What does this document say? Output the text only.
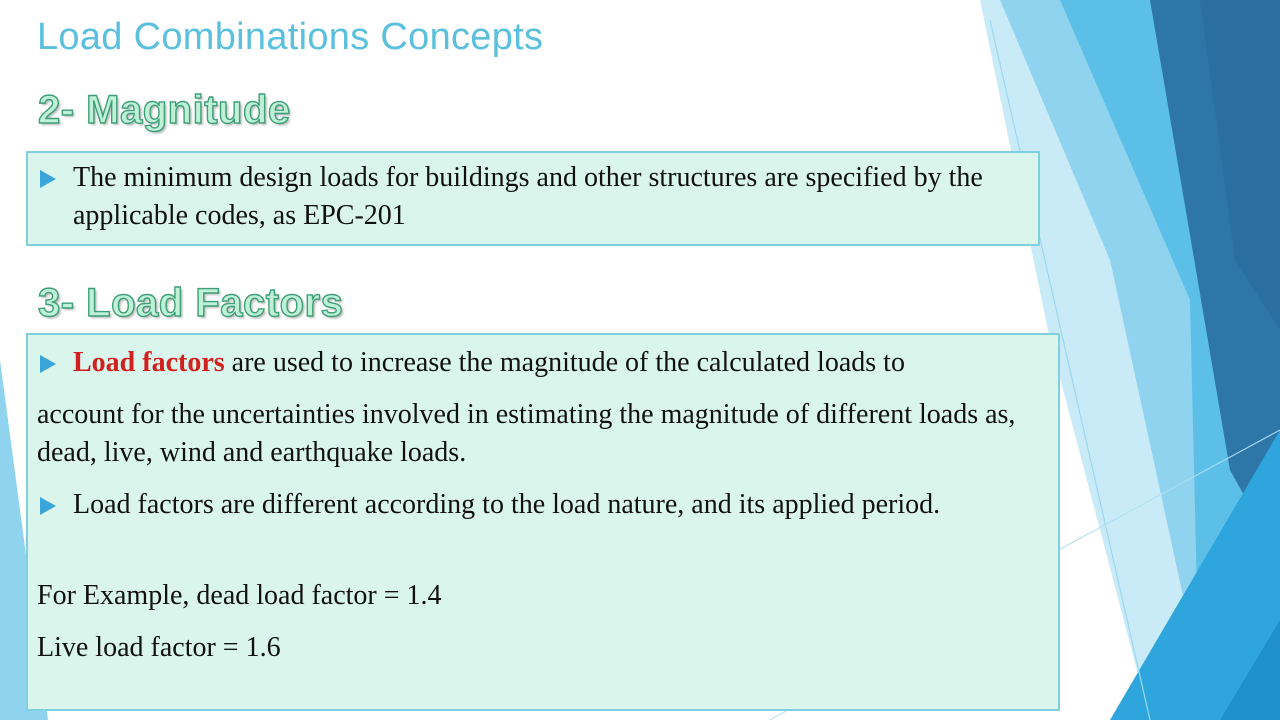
Load Combinations Concepts
2- Magnitude
The minimum design loads for buildings and other structures are specified by the applicable codes, as EPC-201
3- Load Factors
Load factors are used to increase the magnitude of the calculated loads to
account for the uncertainties involved in estimating the magnitude of different loads as, dead, live, wind and earthquake loads.
Load factors are different according to the load nature, and its applied period.
For Example, dead load factor = 1.4
Live load factor = 1.6
